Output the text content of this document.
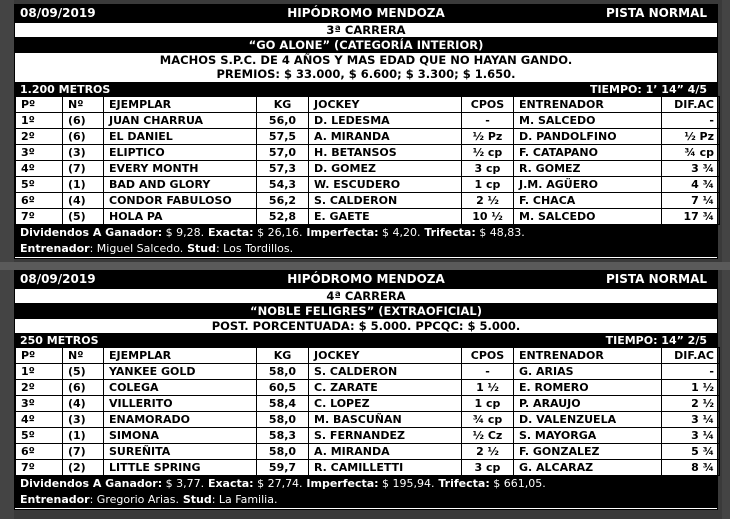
08/09/2019	HIPÓDROMO MENDOZA	PISTA NORMAL
3ª CARRERA
“GO ALONE” (CATEGORÍA INTERIOR)
MACHOS S.P.C. DE 4 AÑOS Y MAS EDAD QUE NO HAYAN GANDO.
PREMIOS: $ 33.000, $ 6.600; $ 3.300; $ 1.650.
1.200 METROS	TIEMPO: 1’ 14” 4/5
Pº	Nº	EJEMPLAR	KG	JOCKEY	CPOS	ENTRENADOR	DIF.AC
1º	(6)	JUAN CHARRUA	56,0	D. LEDESMA	-	M. SALCEDO	-
2º	(6)	EL DANIEL	57,5	A. MIRANDA	½ Pz	D. PANDOLFINO	½ Pz
3º	(3)	ELIPTICO	57,0	H. BETANSOS	½ cp	F. CATAPANO	¾ cp
4º	(7)	EVERY MONTH	57,3	D. GOMEZ	3 cp	R. GOMEZ	3 ¾
5º	(1)	BAD AND GLORY	54,3	W. ESCUDERO	1 cp	J.M. AGÜERO	4 ¾
6º	(4)	CONDOR FABULOSO	56,2	S. CALDERON	2 ½	F. CHACA	7 ¼
7º	(5)	HOLA PA	52,8	E. GAETE	10 ½	M. SALCEDO	17 ¾
Dividendos A Ganador: $ 9,28. Exacta: $ 26,16. Imperfecta: $ 4,20. Trifecta: $ 48,83.
Entrenador: Miguel Salcedo. Stud: Los Tordillos.
08/09/2019	HIPÓDROMO MENDOZA	PISTA NORMAL
4ª CARRERA
“NOBLE FELIGRES” (EXTRAOFICIAL)
POST. PORCENTUADA: $ 5.000. PPCQC: $ 5.000.
250 METROS	TIEMPO: 14” 2/5
Pº	Nº	EJEMPLAR	KG	JOCKEY	CPOS	ENTRENADOR	DIF.AC
1º	(5)	YANKEE GOLD	58,0	S. CALDERON	-	G. ARIAS	-
2º	(6)	COLEGA	60,5	C. ZARATE	1 ½	E. ROMERO	1 ½
3º	(4)	VILLERITO	58,4	C. LOPEZ	1 cp	P. ARAUJO	2 ½
4º	(3)	ENAMORADO	58,0	M. BASCUÑAN	¾ cp	D. VALENZUELA	3 ¼
5º	(1)	SIMONA	58,3	S. FERNANDEZ	½ Cz	S. MAYORGA	3 ¼
6º	(7)	SUREÑITA	58,0	A. MIRANDA	2 ½	F. GONZALEZ	5 ¾
7º	(2)	LITTLE SPRING	59,7	R. CAMILLETTI	3 cp	G. ALCARAZ	8 ¾
Dividendos A Ganador: $ 3,77. Exacta: $ 27,74. Imperfecta: $ 195,94. Trifecta: $ 661,05.
Entrenador: Gregorio Arias. Stud: La Familia.
